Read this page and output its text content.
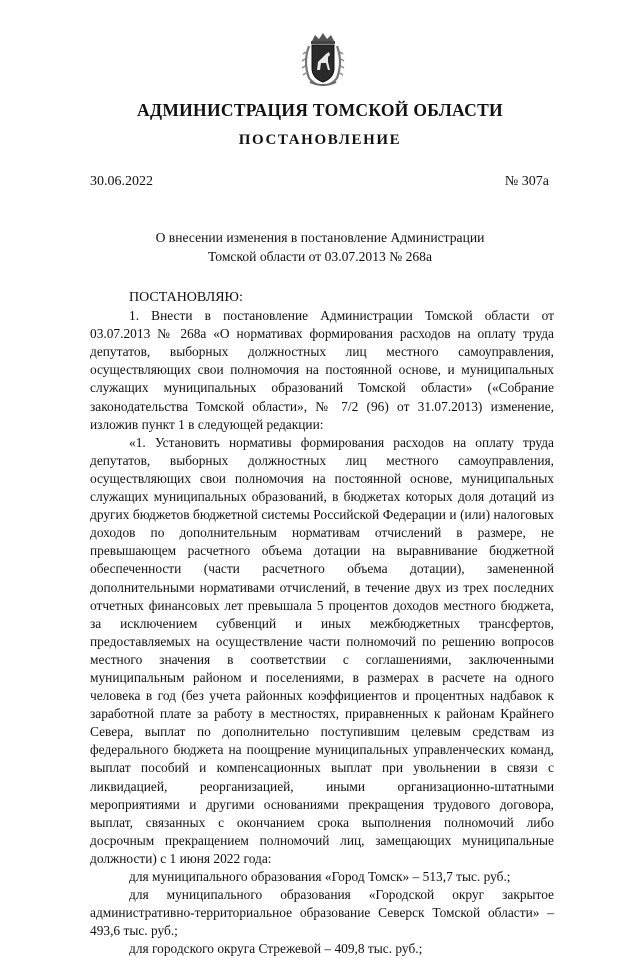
АДМИНИСТРАЦИЯ ТОМСКОЙ ОБЛАСТИ
ПОСТАНОВЛЕНИЕ
30.06.2022	№ 307а
О внесении изменения в постановление Администрации
Томской области от 03.07.2013 № 268а

ПОСТАНОВЛЯЮ:

1. Внести в постановление Администрации Томской области от 03.07.2013 № 268а «О нормативах формирования расходов на оплату труда депутатов, выборных должностных лиц местного самоуправления, осуществляющих свои полномочия на постоянной основе, и муниципальных служащих муниципальных образований Томской области» («Собрание законодательства Томской области», № 7/2 (96) от 31.07.2013) изменение, изложив пункт 1 в следующей редакции:

«1. Установить нормативы формирования расходов на оплату труда депутатов, выборных должностных лиц местного самоуправления, осуществляющих свои полномочия на постоянной основе, муниципальных служащих муниципальных образований, в бюджетах которых доля дотаций из других бюджетов бюджетной системы Российской Федерации и (или) налоговых доходов по дополнительным нормативам отчислений в размере, не превышающем расчетного объема дотации на выравнивание бюджетной обеспеченности (части расчетного объема дотации), замененной дополнительными нормативами отчислений, в течение двух из трех последних отчетных финансовых лет превышала 5 процентов доходов местного бюджета, за исключением субвенций и иных межбюджетных трансфертов, предоставляемых на осуществление части полномочий по решению вопросов местного значения в соответствии с соглашениями, заключенными муниципальным районом и поселениями, в размерах в расчете на одного человека в год (без учета районных коэффициентов и процентных надбавок к заработной плате за работу в местностях, приравненных к районам Крайнего Севера, выплат по дополнительно поступившим целевым средствам из федерального бюджета на поощрение муниципальных управленческих команд, выплат пособий и компенсационных выплат при увольнении в связи с ликвидацией, реорганизацией, иными организационно-штатными мероприятиями и другими основаниями прекращения трудового договора, выплат, связанных с окончанием срока выполнения полномочий либо досрочным прекращением полномочий лиц, замещающих муниципальные должности) с 1 июня 2022 года:

для муниципального образования «Город Томск» – 513,7 тыс. руб.;

для муниципального образования «Городской округ закрытое административно-территориальное образование Северск Томской области» – 493,6 тыс. руб.;

для городского округа Стрежевой – 409,8 тыс. руб.;
